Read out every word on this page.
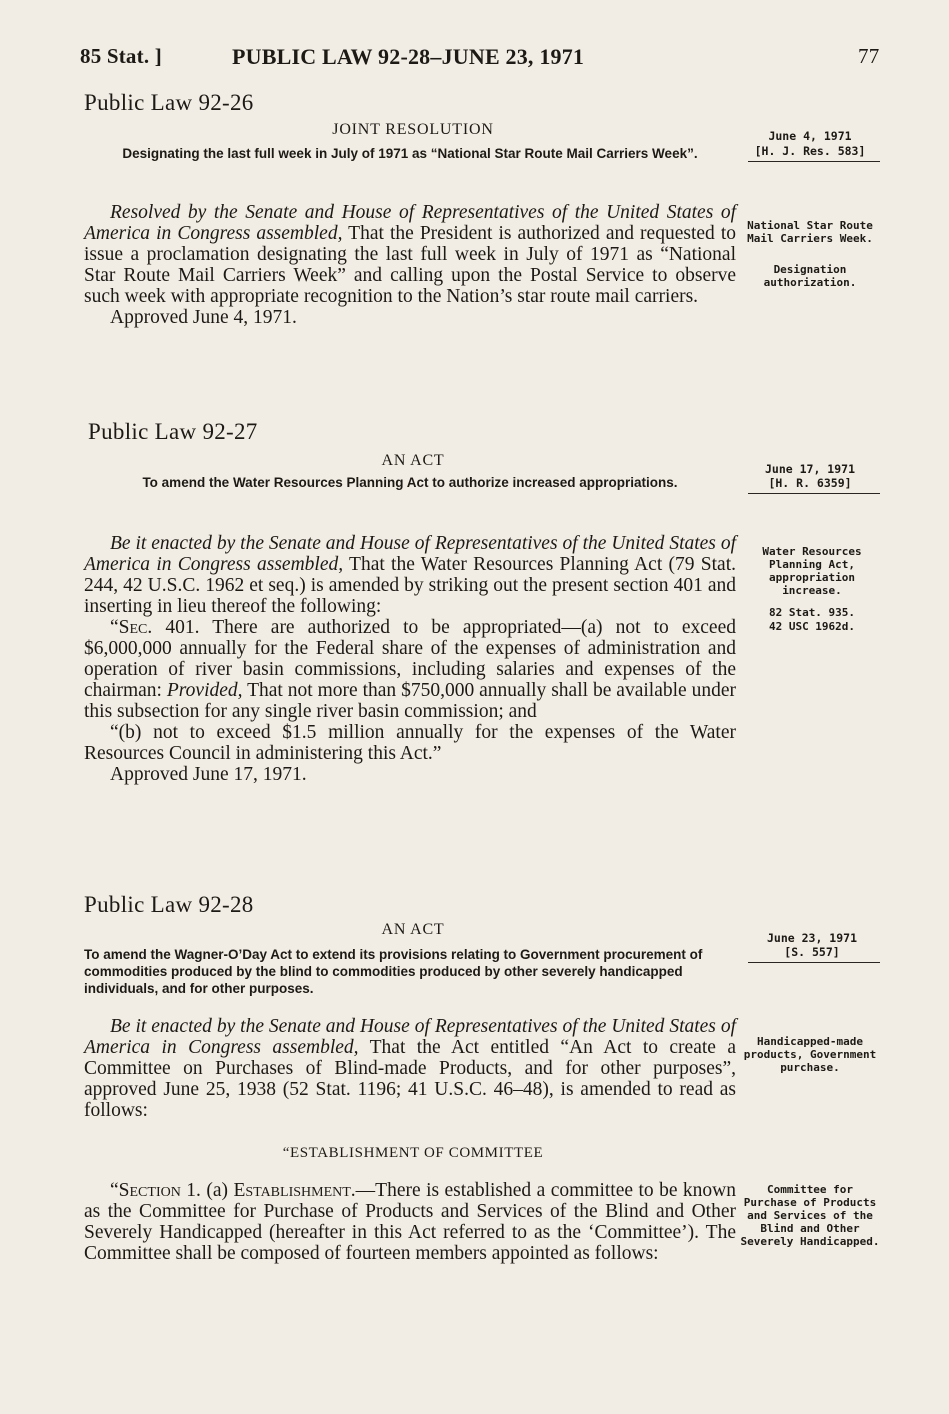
85 Stat. ]	PUBLIC LAW 92-28–JUNE 23, 1971	77
Public Law 92-26
JOINT RESOLUTION
Designating the last full week in July of 1971 as “National Star Route Mail Carriers Week”.
June 4, 1971
[H. J. Res. 583]

Resolved by the Senate and House of Representatives of the United States of America in Congress assembled, That the President is authorized and requested to issue a proclamation designating the last full week in July of 1971 as “National Star Route Mail Carriers Week” and calling upon the Postal Service to observe such week with appropriate recognition to the Nation’s star route mail carriers.

Approved June 4, 1971.

National Star Route Mail Carriers Week.
Designation authorization.
Public Law 92-27
AN ACT
To amend the Water Resources Planning Act to authorize increased appropriations.
June 17, 1971
[H. R. 6359]

Be it enacted by the Senate and House of Representatives of the United States of America in Congress assembled, That the Water Resources Planning Act (79 Stat. 244, 42 U.S.C. 1962 et seq.) is amended by striking out the present section 401 and inserting in lieu thereof the following:

“Sec. 401. There are authorized to be appropriated—(a) not to exceed $6,000,000 annually for the Federal share of the expenses of administration and operation of river basin commissions, including salaries and expenses of the chairman: Provided, That not more than $750,000 annually shall be available under this subsection for any single river basin commission; and

“(b) not to exceed $1.5 million annually for the expenses of the Water Resources Council in administering this Act.”

Approved June 17, 1971.

Water Resources Planning Act, appropriation increase.
82 Stat. 935.
42 USC 1962d.
Public Law 92-28
AN ACT
To amend the Wagner-O’Day Act to extend its provisions relating to Government procurement of commodities produced by the blind to commodities produced by other severely handicapped individuals, and for other purposes.
June 23, 1971
[S. 557]

Be it enacted by the Senate and House of Representatives of the United States of America in Congress assembled, That the Act entitled “An Act to create a Committee on Purchases of Blind-made Products, and for other purposes”, approved June 25, 1938 (52 Stat. 1196; 41 U.S.C. 46–48), is amended to read as follows:

“ESTABLISHMENT OF COMMITTEE

“Section 1. (a) Establishment.—There is established a committee to be known as the Committee for Purchase of Products and Services of the Blind and Other Severely Handicapped (hereafter in this Act referred to as the ‘Committee’). The Committee shall be composed of fourteen members appointed as follows:

Handicapped-made products, Government purchase.
Committee for Purchase of Products and Services of the Blind and Other Severely Handicapped.
